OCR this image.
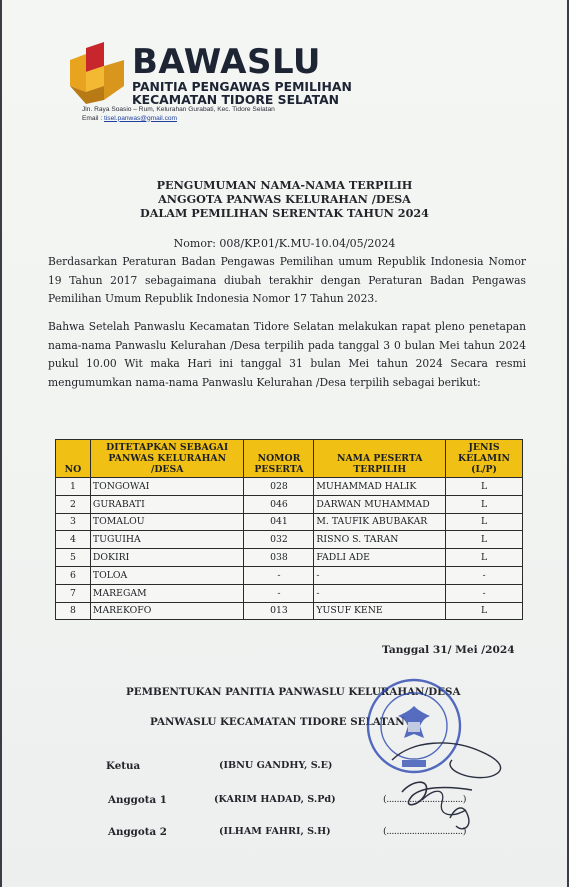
BAWASLU
PANITIA PENGAWAS PEMILIHAN
KECAMATAN TIDORE SELATAN
Jln. Raya Soasio – Rum, Kelurahan Gurabati, Kec. Tidore Selatan
Email : tisel.panwas@gmail.com
PENGUMUMAN NAMA-NAMA TERPILIH
ANGGOTA PANWAS KELURAHAN /DESA
DALAM PEMILIHAN SERENTAK TAHUN 2024
Nomor: 008/KP.01/K.MU-10.04/05/2024
Berdasarkan Peraturan Badan Pengawas Pemilihan umum Republik Indonesia Nomor 19 Tahun 2017 sebagaimana diubah terakhir dengan Peraturan Badan Pengawas Pemilihan Umum Republik Indonesia Nomor 17 Tahun 2023.
Bahwa Setelah Panwaslu Kecamatan Tidore Selatan melakukan rapat pleno penetapan nama-nama Panwaslu Kelurahan /Desa terpilih pada tanggal 3 0 bulan Mei tahun 2024 pukul 10.00 Wit maka Hari ini tanggal 31 bulan Mei tahun 2024 Secara resmi mengumumkan nama-nama Panwaslu Kelurahan /Desa terpilih sebagai berikut:
NO	DITETAPKAN SEBAGAI PANWAS KELURAHAN /DESA	NOMOR PESERTA	NAMA PESERTA TERPILIH	JENIS KELAMIN (L/P)
1	TONGOWAI	028	MUHAMMAD HALIK	L
2	GURABATI	046	DARWAN MUHAMMAD	L
3	TOMALOU	041	M. TAUFIK ABUBAKAR	L
4	TUGUIHA	032	RISNO S. TARAN	L
5	DOKIRI	038	FADLI ADE	L
6	TOLOA	-	-	-
7	MAREGAM	-	-	-
8	MAREKOFO	013	YUSUF KENE	L
Tanggal 31/ Mei /2024
PEMBENTUKAN PANITIA PANWASLU KELURAHAN/DESA
PANWASLU KECAMATAN TIDORE SELATAN
Ketua	(IBNU GANDHY, S.E)
Anggota 1	(KARIM HADAD, S.Pd)	(..............................)
Anggota 2	(ILHAM FAHRI, S.H)	(..............................)
